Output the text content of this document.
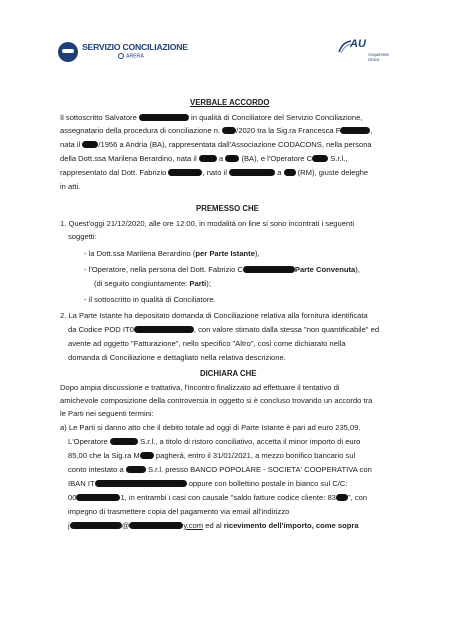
SERVIZIO CONCILIAZIONE
ARERA
AU
Acquirente Unico
VERBALE ACCORDO
Il sottoscritto Salvatore	in qualità di Conciliatore del Servizio Conciliazione,
assegnatario della procedura di conciliazione n. /2020 tra la Sig.ra Francesca F	,
nata il /1956 a Andria (BA), rappresentata dall'Associazione CODACONS, nella persona
della Dott.ssa Marilena Berardino, nata il  a  (BA), e l'Operatore C S.r.l.,
rappresentato dal Dott. Fabrizio	, nato il	a  (RM), giuste deleghe
in atti.
PREMESSO CHE
1. Quest'oggi 21/12/2020, alle ore 12:00, in modalità on line si sono incontrati i seguenti
soggetti:
- la Dott.ssa Marilena Berardino (per Parte Istante),
- l'Operatore, nella persona del Dott. Fabrizio C	Parte Convenuta),
(di seguito congiuntamente: Parti);
- il sottoscritto in qualità di Conciliatore.
2. La Parte Istante ha depositato domanda di Conciliazione relativa alla fornitura identificata
da Codice POD IT0	, con valore stimato dalla stessa "non quantificabile" ed
avente ad oggetto "Fatturazione", nello specifico "Altro", così come dichiarato nella
domanda di Conciliazione e dettagliato nella relativa descrizione.
DICHIARA CHE
Dopo ampia discussione e trattativa, l'incontro finalizzato ad effettuare il tentativo di
amichevole composizione della controversia in oggetto si è concluso trovando un accordo tra
le Parti nei seguenti termini:
a) Le Parti si danno atto che il debito totale ad oggi di Parte Istante è pari ad euro 235,09.
L'Operatore	S.r.l., a titolo di ristoro conciliativo, accetta il minor importo di euro
85,00 che la Sig.ra M pagherà, entro il 31/01/2021, a mezzo bonifico bancario sul
conto intestato a	S.r.l. presso BANCO POPOLARE - SOCIETA' COOPERATIVA con
IBAN IT	oppure con bollettino postale in bianco sul C/C:
00	1, in entrambi i casi con causale "saldo fatture codice cliente: 83 ", con
impegno di trasmettere copia del pagamento via email all'indirizzo
j	@	y.com ed al ricevimento dell'importo, come sopra
